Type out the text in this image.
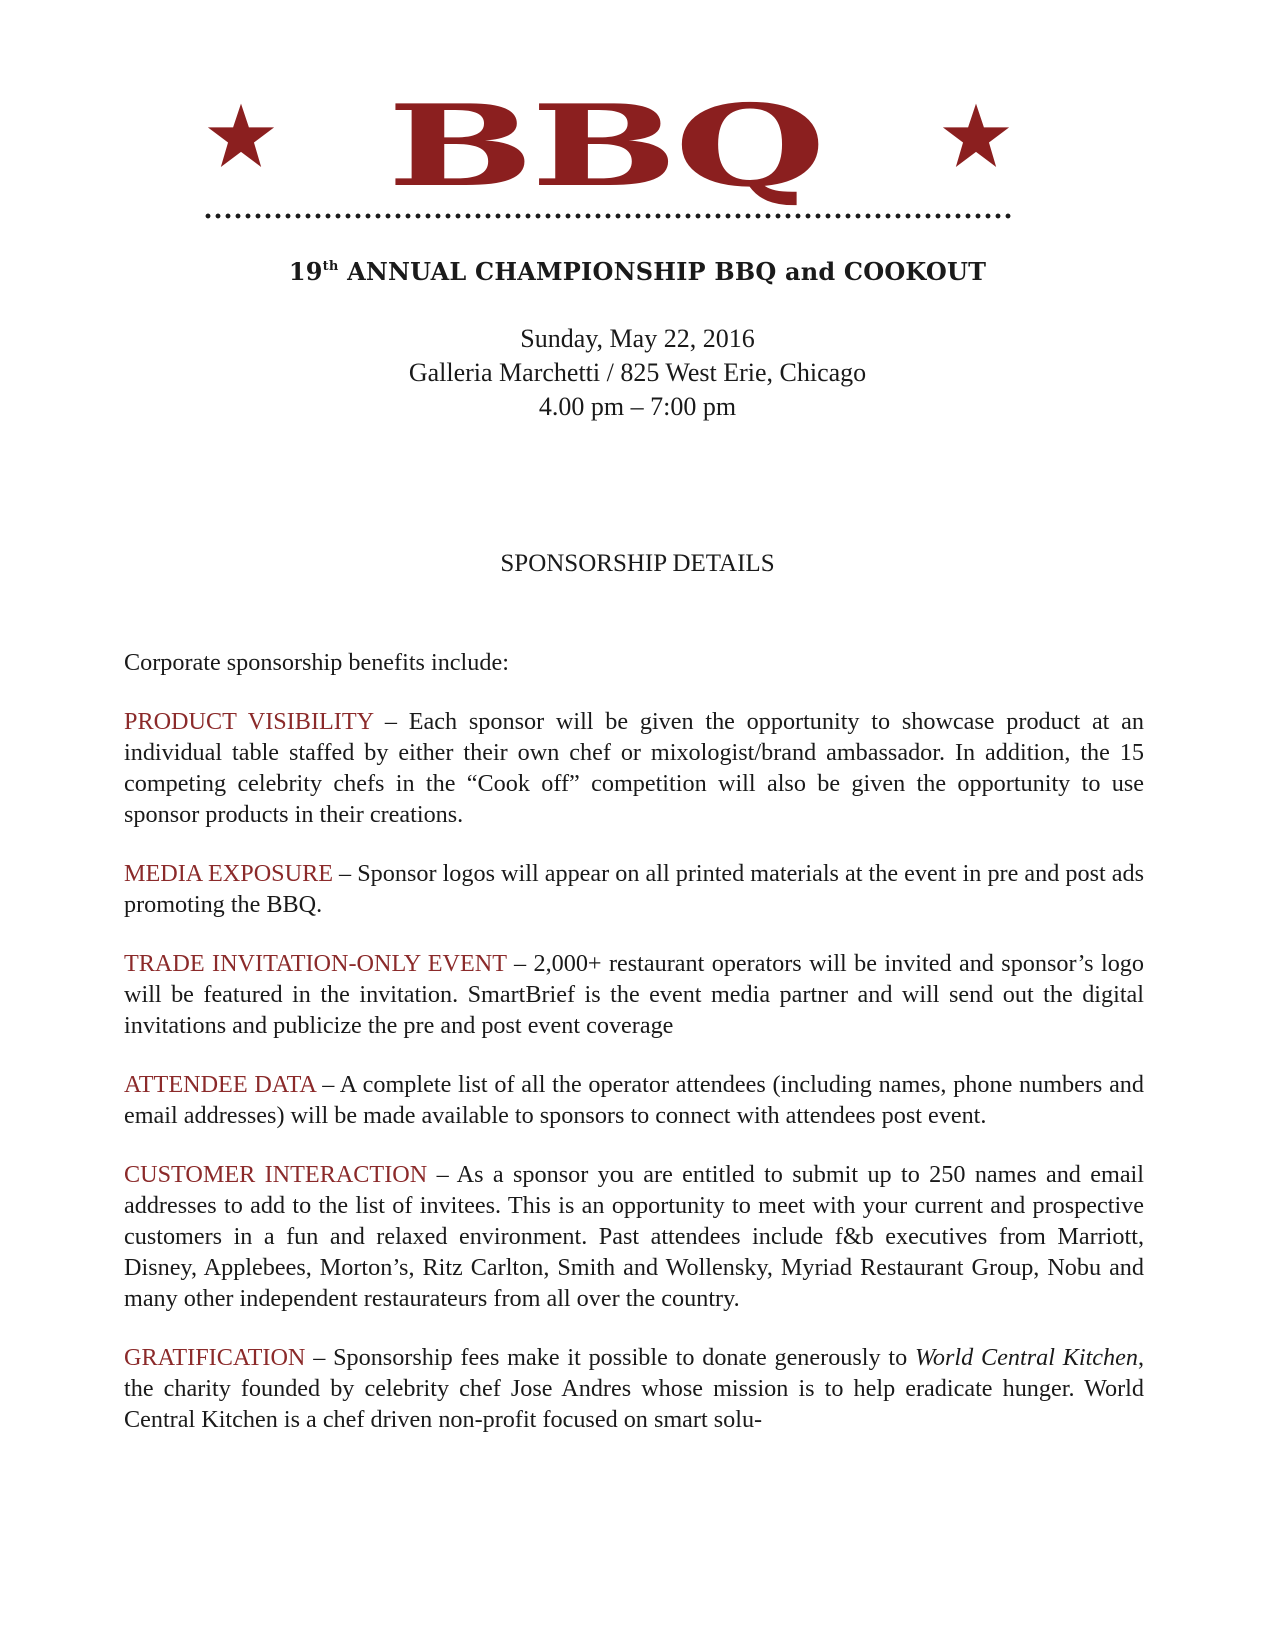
BBQ
19th ANNUAL CHAMPIONSHIP BBQ and COOKOUT
Sunday, May 22, 2016
Galleria Marchetti / 825 West Erie, Chicago
4.00 pm – 7:00 pm
SPONSORSHIP DETAILS

Corporate sponsorship benefits include:

PRODUCT VISIBILITY – Each sponsor will be given the opportunity to showcase product at an individual table staffed by either their own chef or mixologist/brand ambassador. In addition, the 15 competing celebrity chefs in the “Cook off” competition will also be given the opportunity to use sponsor products in their creations.

MEDIA EXPOSURE – Sponsor logos will appear on all printed materials at the event in pre and post ads promoting the BBQ.

TRADE INVITATION-ONLY EVENT – 2,000+ restaurant operators will be invited and sponsor’s logo will be featured in the invitation. SmartBrief is the event media partner and will send out the digital invitations and publicize the pre and post event coverage

ATTENDEE DATA – A complete list of all the operator attendees (including names, phone numbers and email addresses) will be made available to sponsors to connect with attendees post event.

CUSTOMER INTERACTION – As a sponsor you are entitled to submit up to 250 names and email addresses to add to the list of invitees. This is an opportunity to meet with your current and prospective customers in a fun and relaxed environment. Past attendees include f&b executives from Marriott, Disney, Applebees, Morton’s, Ritz Carlton, Smith and Wollensky, Myriad Restaurant Group, Nobu and many other independent restaurateurs from all over the country.

GRATIFICATION – Sponsorship fees make it possible to donate generously to World Central Kitchen, the charity founded by celebrity chef Jose Andres whose mission is to help eradicate hunger. World Central Kitchen is a chef driven non-profit focused on smart solu-
